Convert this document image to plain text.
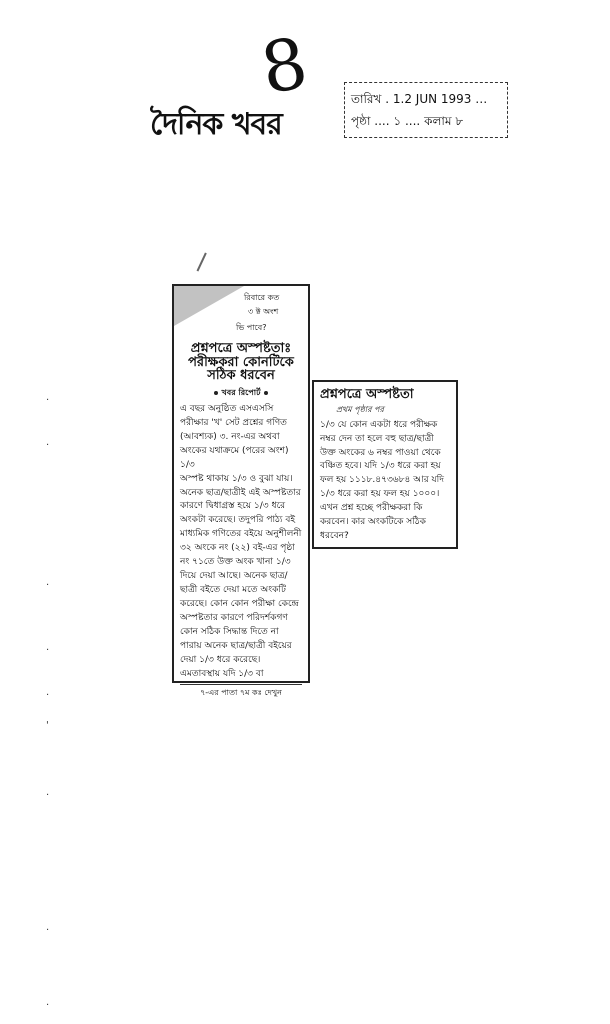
দৈনিক খবর
8	তারিখ . 1.2 JUN 1993 …
পৃষ্ঠা .... ১ .... কলাম ৮
রিবারে কত
৩ ক্ট অংশ
ভি পাবে?
প্রশ্নপত্রে অস্পষ্টতাঃ পরীক্ষকরা কোনটিকে সঠিক ধরবেন
খবর রিপোর্ট
এ বছর অনুষ্ঠিত এসএসসি পরীক্ষার 'খ' সেট প্রশ্নের গণিত (আবশ্যক) ৩. নং-এর অথবা অংকের যথাক্রমে (পরের অংশ) ১/৩
অস্পষ্ট থাকায় ১/৩ ও বুঝা যায়। অনেক ছাত্র/ছাত্রীই এই অস্পষ্টতার কারণে দ্বিধাগ্রস্ত হয়ে ১/৩ ধরে অংকটা করেছে। তদুপরি পাঠ্য বই মাধ্যমিক গণিতের বইয়ে অনুশীলনী ৩২ অংকে নং (২২) বই-এর পৃষ্ঠা নং ৭১তে উক্ত অংক খানা ১/৩ দিয়ে দেয়া আছে। অনেক ছাত্র/ছাত্রী বইতে দেয়া মতে অংকটি করেছে। কোন কোন পরীক্ষা কেন্দ্রে অস্পষ্টতার কারণে পরিদর্শকগণ কোন সঠিক সিদ্ধান্ত দিতে না পারায় অনেক ছাত্র/ছাত্রী বইয়ের দেয়া ১/৩ ধরে করেছে। এমতাবস্থায় যদি ১/৩ বা
৭-এর পাতা ৭ম কঃ দেখুন
প্রশ্নপত্রে অস্পষ্টতা
প্রথম পৃষ্ঠার পর
১/৩ যে কোন একটা ধরে পরীক্ষক নম্বর দেন তা হলে বহু ছাত্র/ছাত্রী উক্ত অংকের ৬ নম্বর পাওয়া থেকে বঞ্চিত হবে। যদি ১/৩ ধরে করা হয় ফল হয় ১১১৮.৪৭৩৬৮৪ আর যদি ১/৩ ধরে করা হয় ফল হয় ১০০০। এখন প্রশ্ন হচ্ছে পরীক্ষকরা কি করবেন। কার অংকটিকে সঠিক ধরবেন?
·
·
·
·
·
'
·
·
·
